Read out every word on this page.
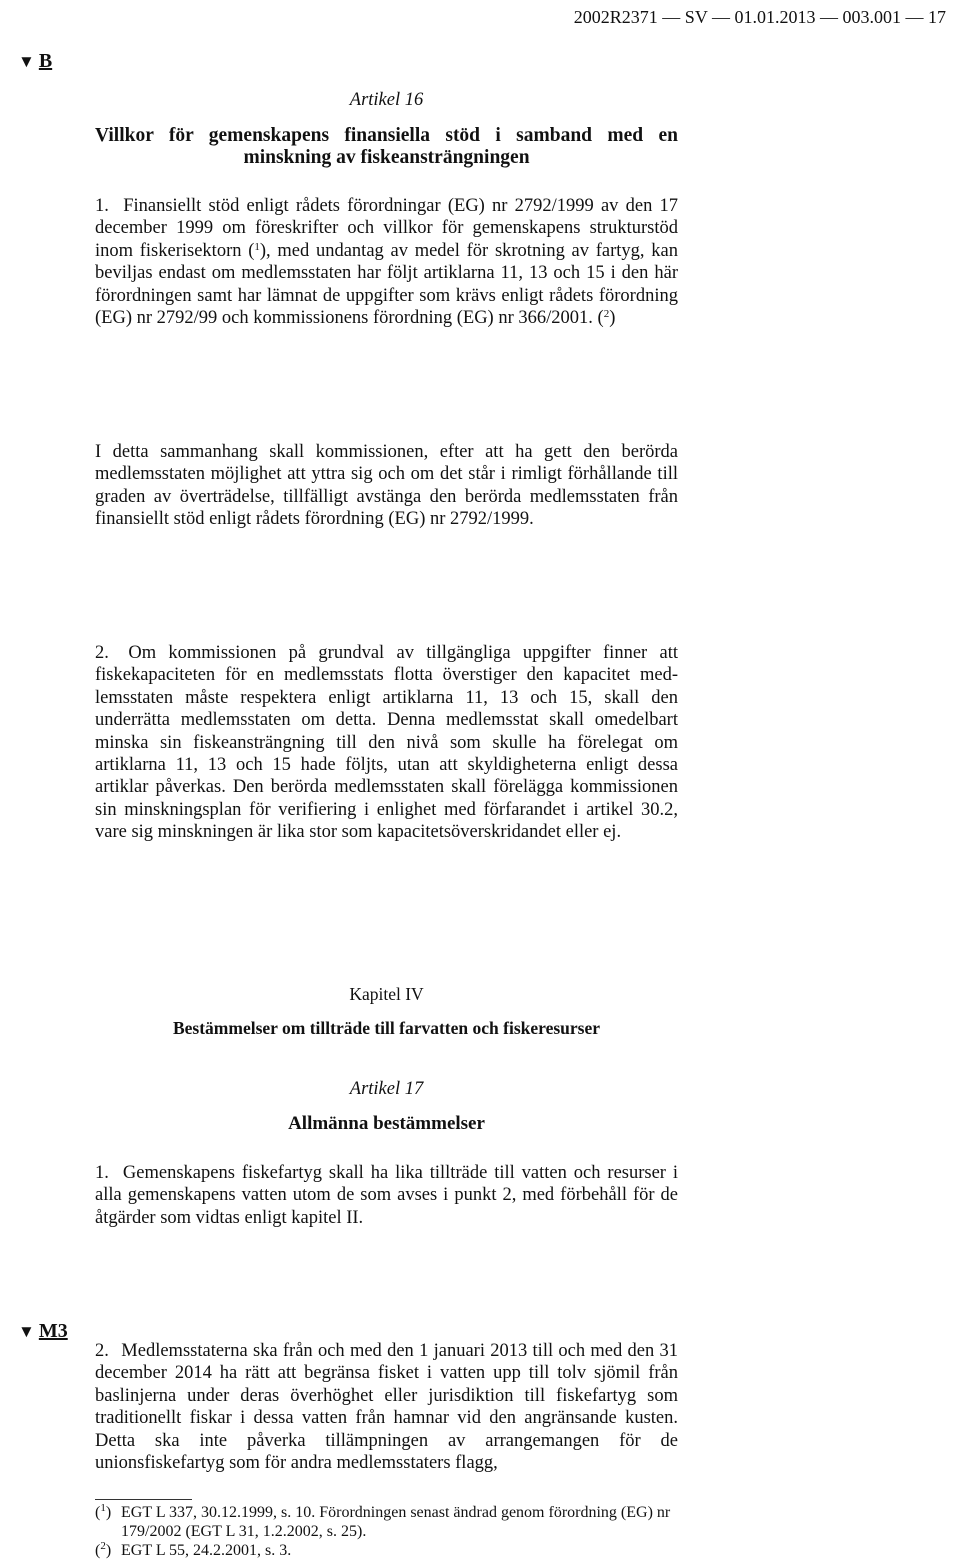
2002R2371 — SV — 01.01.2013 — 003.001 — 17
▼ B
Artikel 16
Villkor för gemenskapens finansiella stöd i samband med en minskning av fiskeansträngningen
1. Finansiellt stöd enligt rådets förordningar (EG) nr 2792/1999 av den 17 december 1999 om föreskrifter och villkor för gemenskapens strukturstöd inom fiskerisektorn ($^1$), med undantag av medel för skrotning av fartyg, kan beviljas endast om medlemsstaten har följt artiklarna 11, 13 och 15 i den här förordningen samt har lämnat de uppgifter som krävs enligt rådets förordning (EG) nr 2792/99 och kommissionens förordning (EG) nr 366/2001. ($^2$)
I detta sammanhang skall kommissionen, efter att ha gett den berörda medlemsstaten möjlighet att yttra sig och om det står i rimligt förhållande till graden av överträdelse, tillfälligt avstänga den berörda medlemsstaten från finansiellt stöd enligt rådets förordning (EG) nr 2792/1999.
2. Om kommissionen på grundval av tillgängliga uppgifter finner att fiskekapaciteten för en medlemsstats flotta överstiger den kapacitet medlemsstaten måste respektera enligt artiklarna 11, 13 och 15, skall den underrätta medlemsstaten om detta. Denna medlemsstat skall omedelbart minska sin fiskeansträngning till den nivå som skulle ha förelegat om artiklarna 11, 13 och 15 hade följts, utan att skyldigheterna enligt dessa artiklar påverkas. Den berörda medlemsstaten skall förelägga kommissionen sin minskningsplan för verifiering i enlighet med förfarandet i artikel 30.2, vare sig minskningen är lika stor som kapacitetsöverskridandet eller ej.
Kapitel IV
Bestämmelser om tillträde till farvatten och fiskeresurser
Artikel 17
Allmänna bestämmelser
1. Gemenskapens fiskefartyg skall ha lika tillträde till vatten och resurser i alla gemenskapens vatten utom de som avses i punkt 2, med förbehåll för de åtgärder som vidtas enligt kapitel II.
▼ M3
2. Medlemsstaterna ska från och med den 1 januari 2013 till och med den 31 december 2014 ha rätt att begränsa fisket i vatten upp till tolv sjömil från baslinjerna under deras överhöghet eller jurisdiktion till fiskefartyg som traditionellt fiskar i dessa vatten från hamnar vid den angränsande kusten. Detta ska inte påverka tillämpningen av arrangemangen för de unionsfiskefartyg som för andra medlemsstaters flagg,
($^1$) EGT L 337, 30.12.1999, s. 10. Förordningen senast ändrad genom förordning (EG) nr 179/2002 (EGT L 31, 1.2.2002, s. 25).
($^2$) EGT L 55, 24.2.2001, s. 3.
